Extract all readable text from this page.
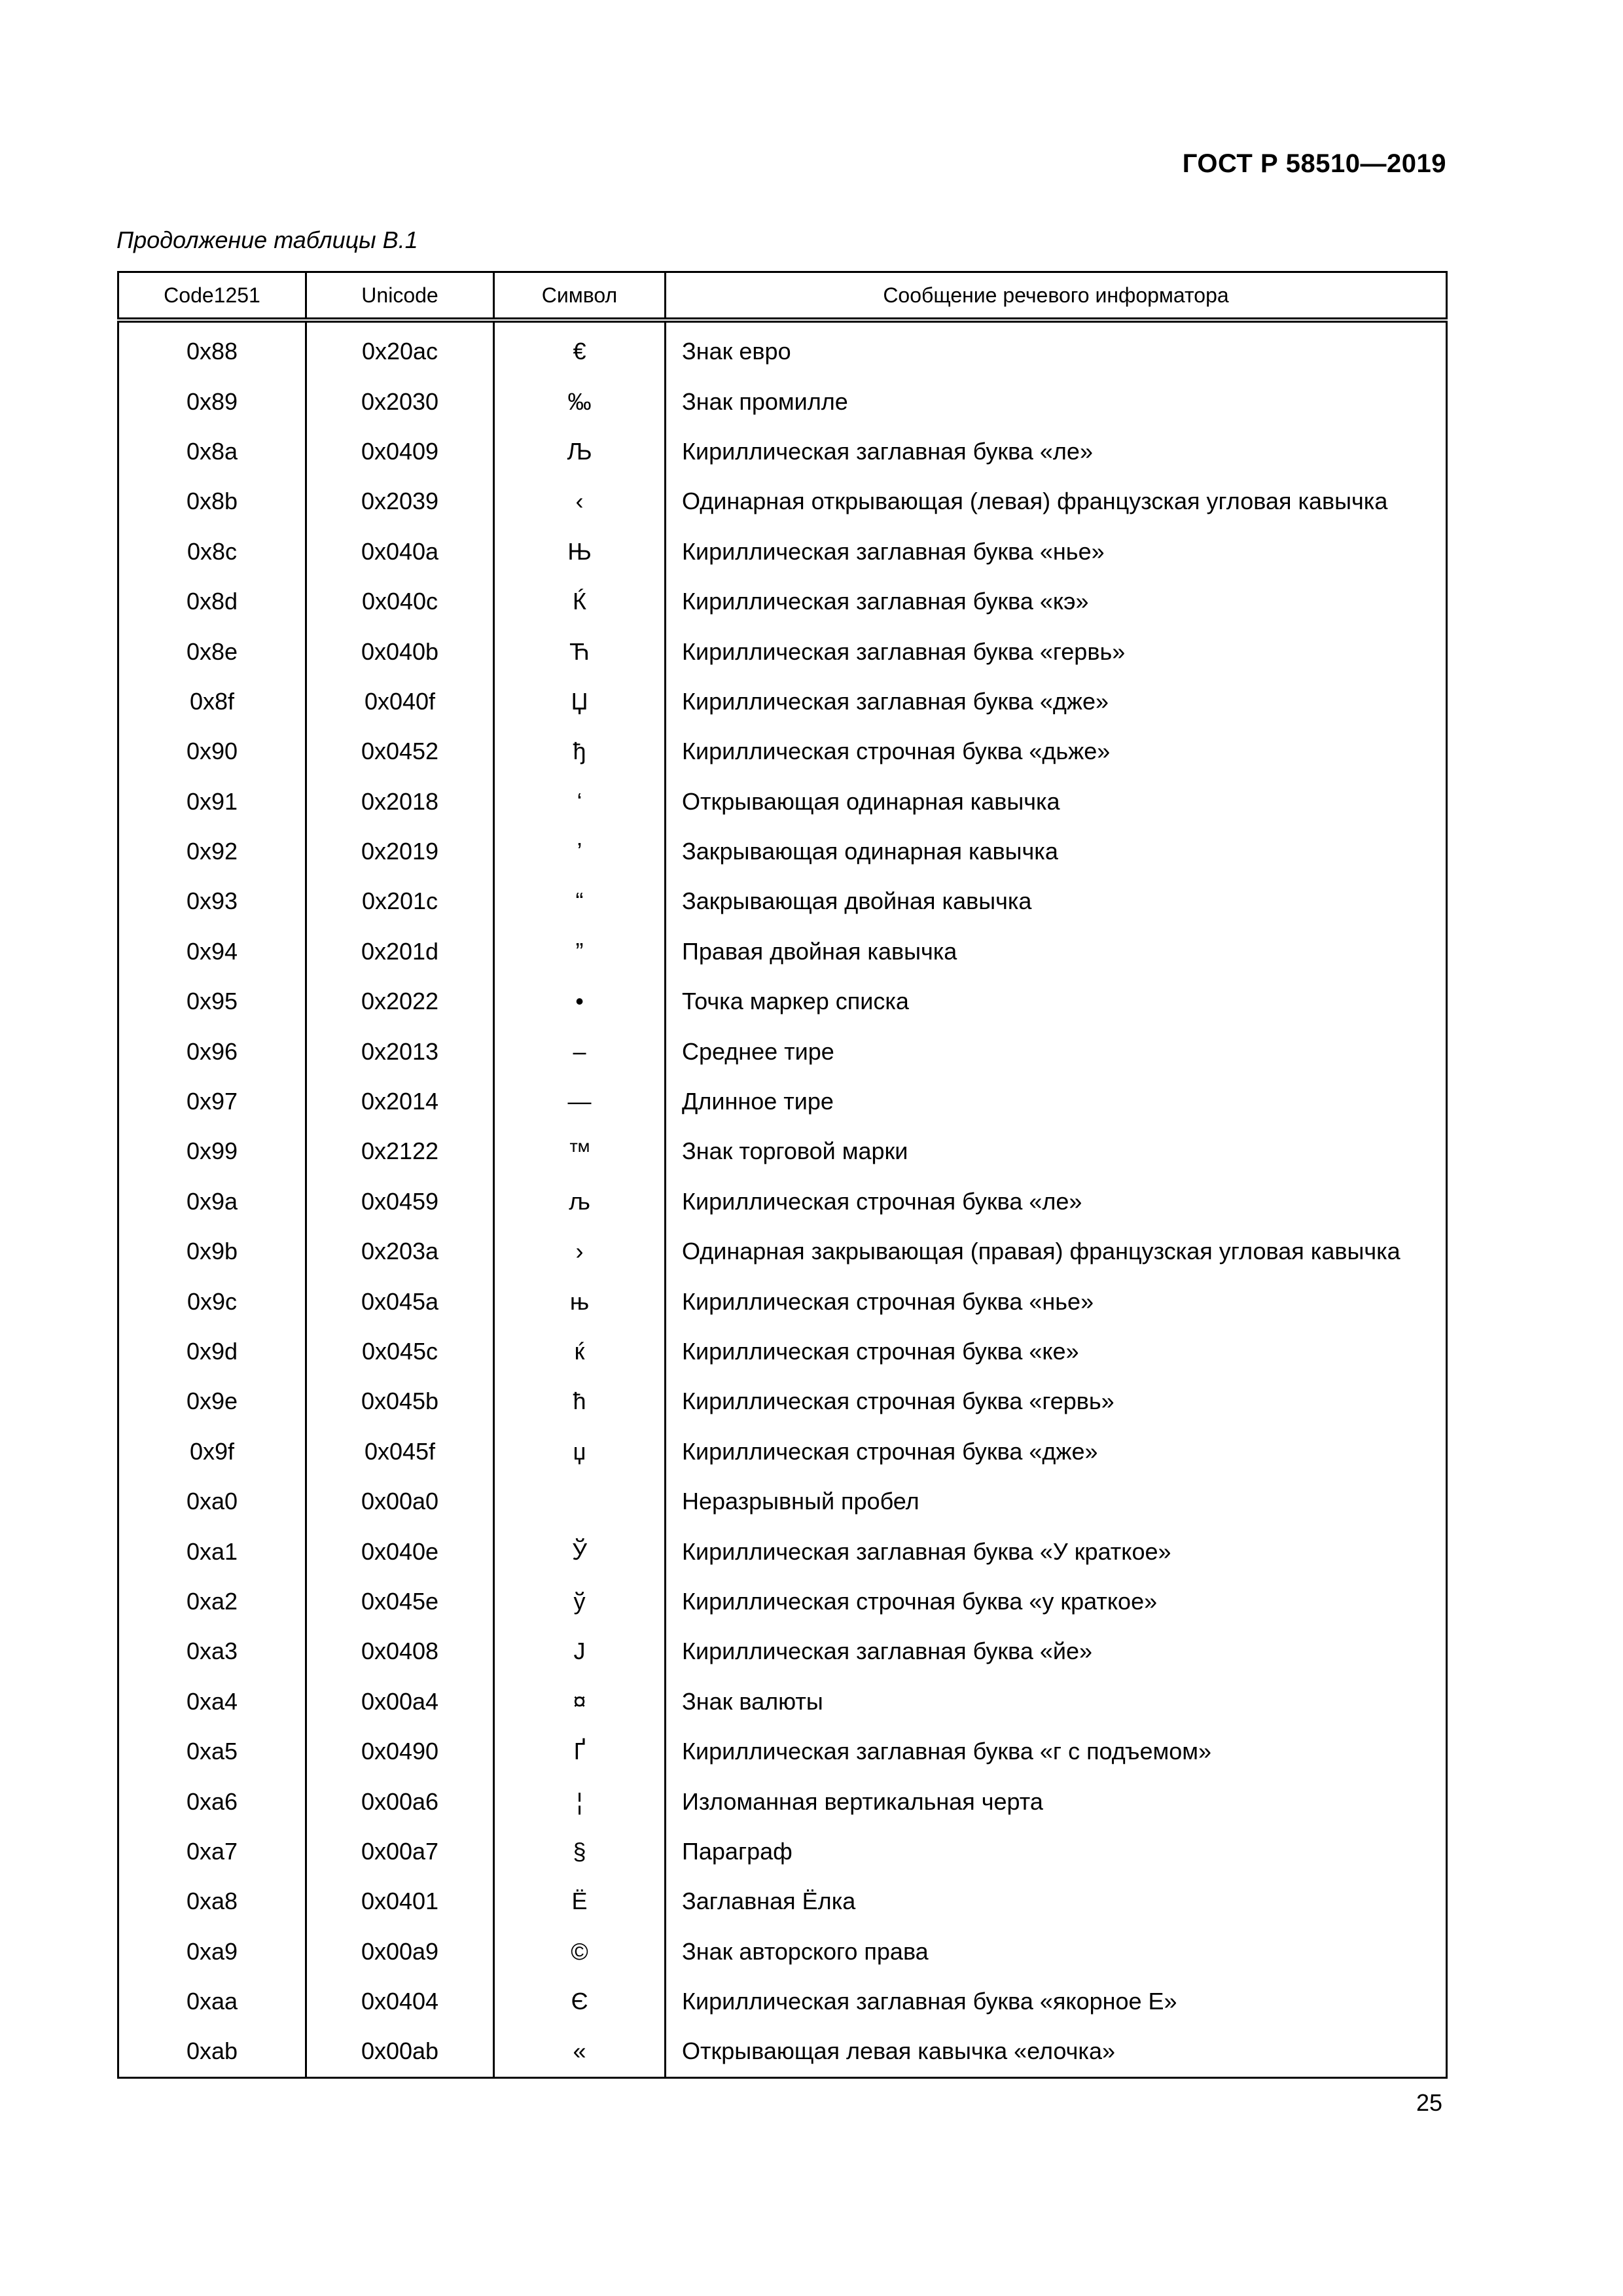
ГОСТ Р 58510—2019
Продолжение таблицы В.1
Code1251	Unicode	Символ	Сообщение речевого информатора
0x88	0x20ac	€	Знак евро
0x89	0x2030	‰	Знак промилле
0x8a	0x0409	Љ	Кириллическая заглавная буква «ле»
0x8b	0x2039	‹	Одинарная открывающая (левая) французская угловая кавычка
0x8c	0x040a	Њ	Кириллическая заглавная буква «нье»
0x8d	0x040c	Ќ	Кириллическая заглавная буква «кэ»
0x8e	0x040b	Ћ	Кириллическая заглавная буква «гервь»
0x8f	0x040f	Џ	Кириллическая заглавная буква «дже»
0x90	0x0452	ђ	Кириллическая строчная буква «дьже»
0x91	0x2018	‘	Открывающая одинарная кавычка
0x92	0x2019	’	Закрывающая одинарная кавычка
0x93	0x201c	“	Закрывающая двойная кавычка
0x94	0x201d	”	Правая двойная кавычка
0x95	0x2022	•	Точка маркер списка
0x96	0x2013	–	Среднее тире
0x97	0x2014	—	Длинное тире
0x99	0x2122	™	Знак торговой марки
0x9a	0x0459	љ	Кириллическая строчная буква «ле»
0x9b	0x203a	›	Одинарная закрывающая (правая) французская угловая кавычка
0x9c	0x045a	њ	Кириллическая строчная буква «нье»
0x9d	0x045c	ќ	Кириллическая строчная буква «ке»
0x9e	0x045b	ћ	Кириллическая строчная буква «гервь»
0x9f	0x045f	џ	Кириллическая строчная буква «дже»
0xa0	0x00a0		Неразрывный пробел
0xa1	0x040e	Ў	Кириллическая заглавная буква «У краткое»
0xa2	0x045e	ў	Кириллическая строчная буква «у краткое»
0xa3	0x0408	Ј	Кириллическая заглавная буква «йе»
0xa4	0x00a4	¤	Знак валюты
0xa5	0x0490	Ґ	Кириллическая заглавная буква «г с подъемом»
0xa6	0x00a6	¦	Изломанная вертикальная черта
0xa7	0x00a7	§	Параграф
0xa8	0x0401	Ё	Заглавная Ёлка
0xa9	0x00a9	©	Знак авторского права
0xaa	0x0404	Є	Кириллическая заглавная буква «якорное Е»
0xab	0x00ab	«	Открывающая левая кавычка «елочка»
25
